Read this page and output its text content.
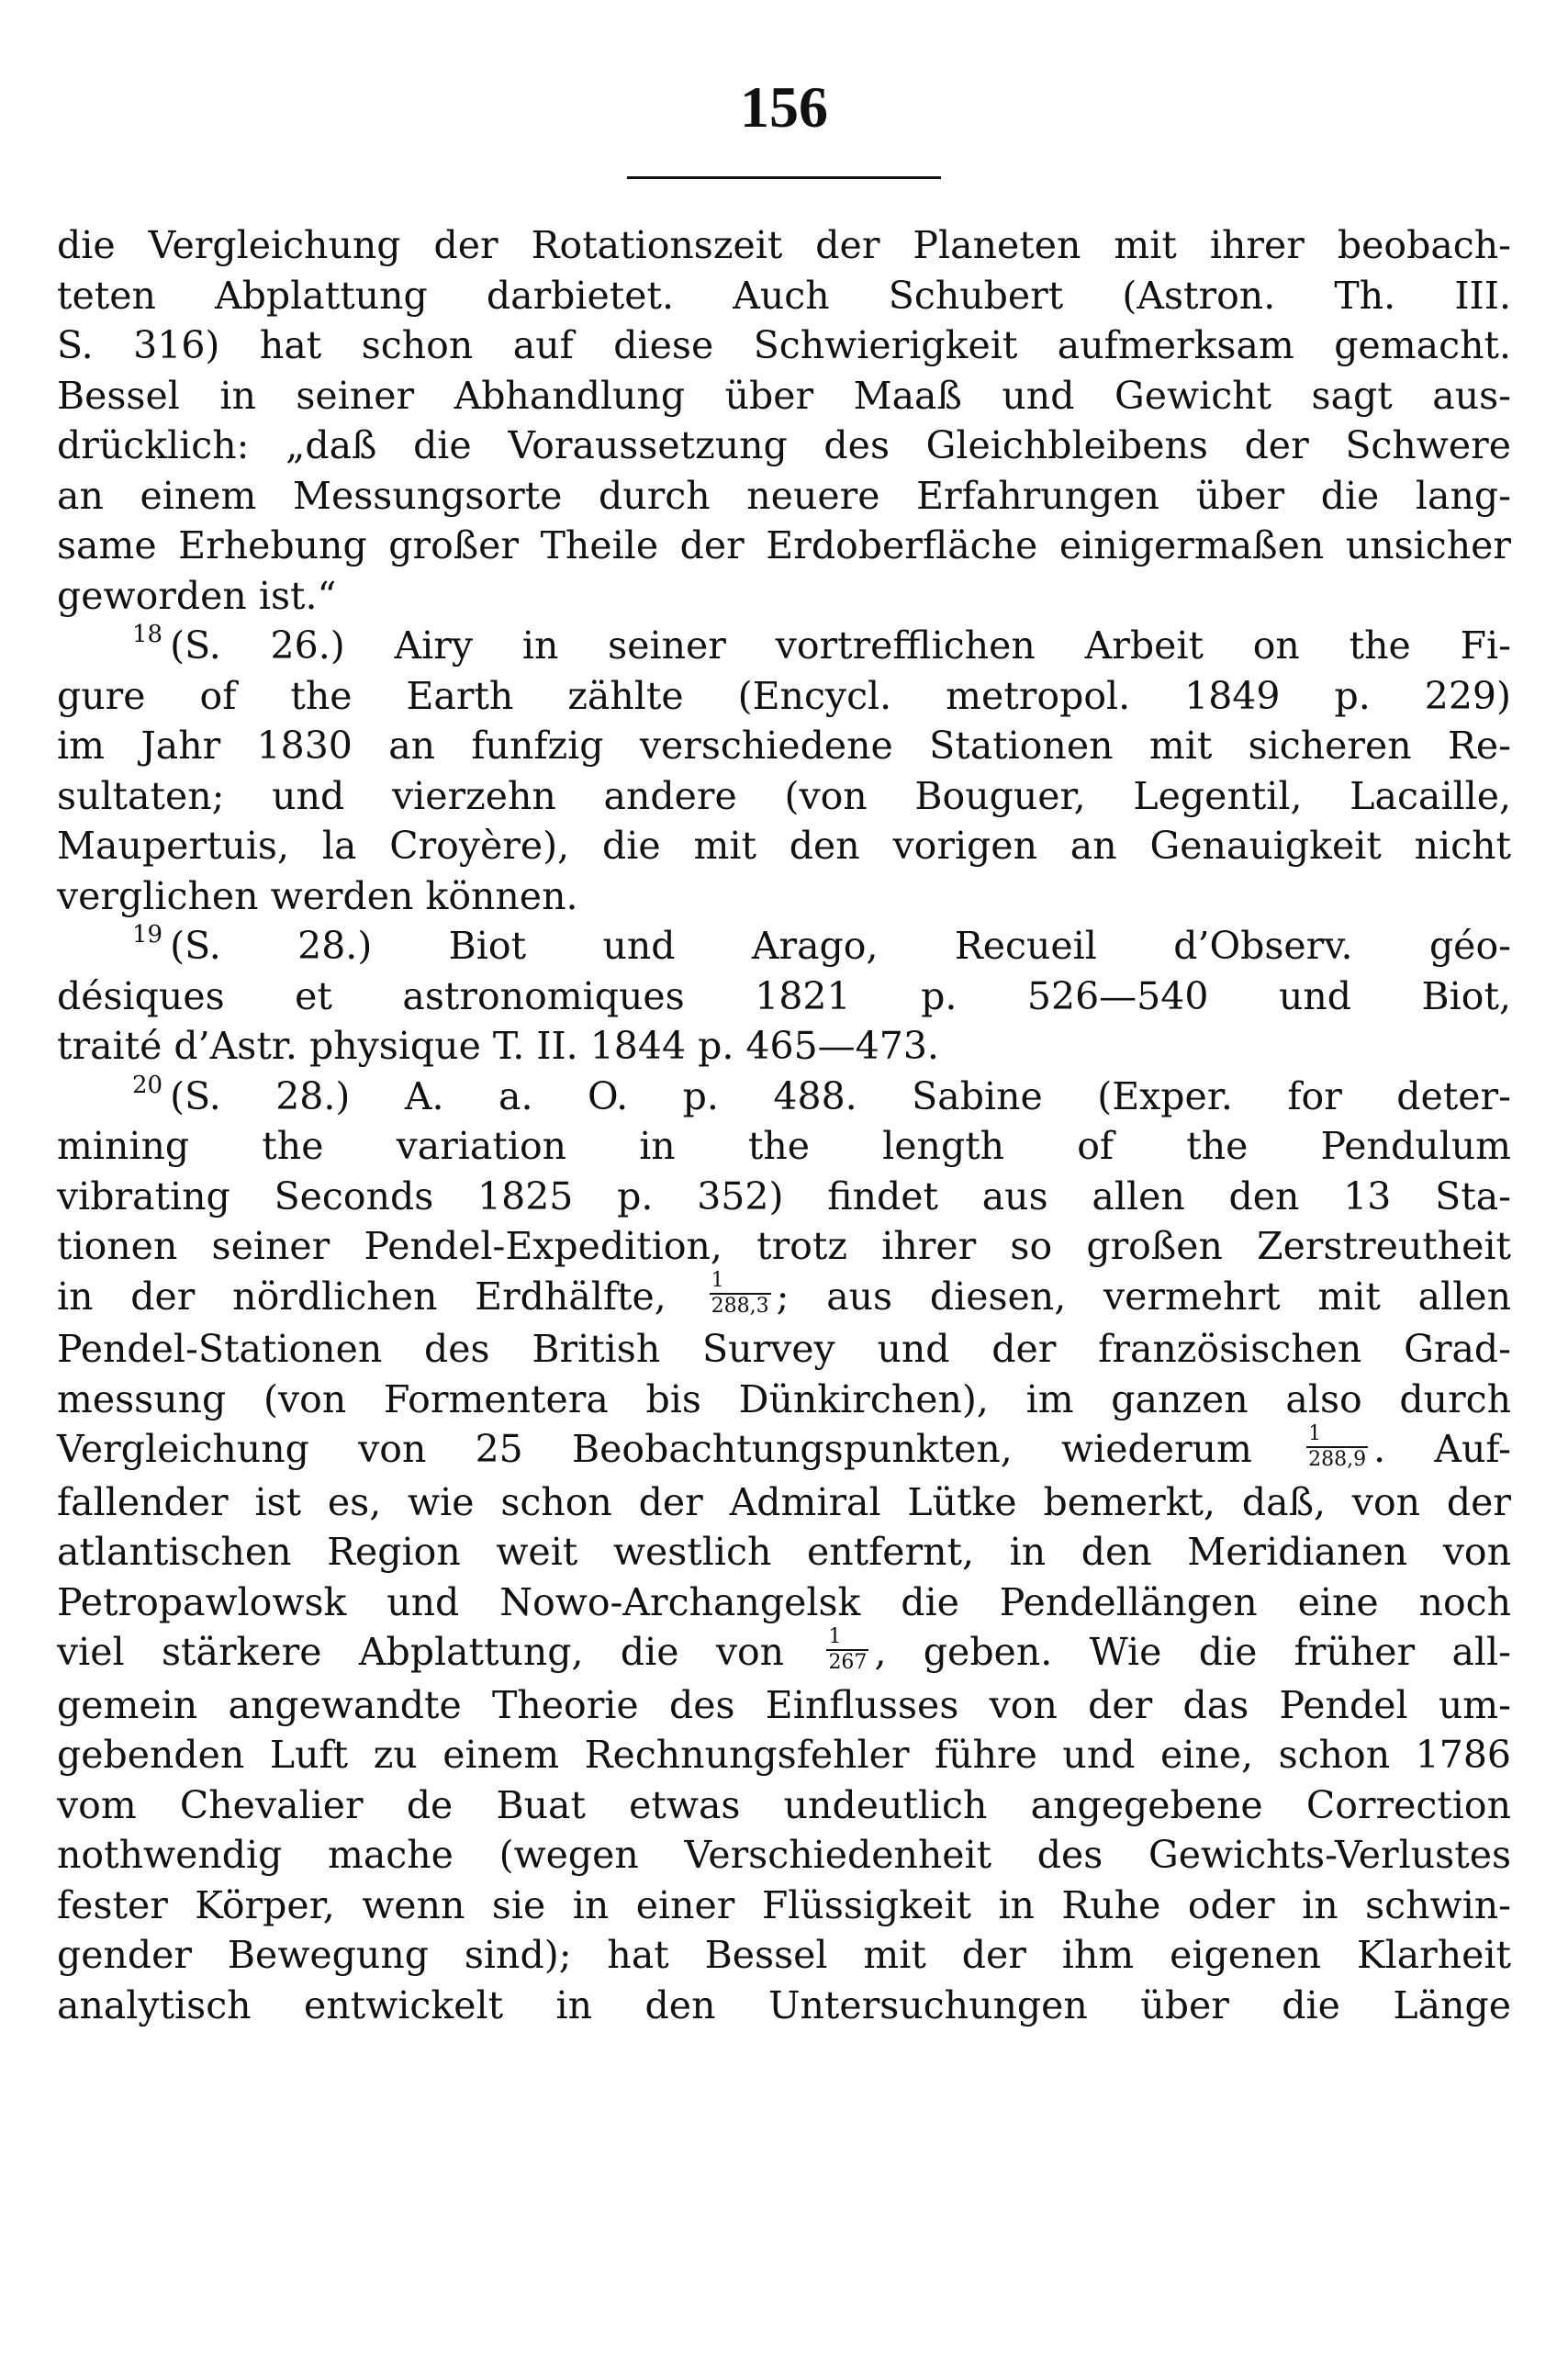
156
die Vergleichung der Rotationszeit der Planeten mit ihrer beobach-
teten Abplattung darbietet. Auch Schubert (Astron. Th. III.
S. 316) hat schon auf diese Schwierigkeit aufmerksam gemacht.
Bessel in seiner Abhandlung über Maaß und Gewicht sagt aus-
drücklich: „daß die Voraussetzung des Gleichbleibens der Schwere
an einem Messungsorte durch neuere Erfahrungen über die lang-
same Erhebung großer Theile der Erdoberfläche einigermaßen unsicher
geworden ist.“
$^{18}$ (S. 26.) Airy in seiner vortrefflichen Arbeit on the Fi-
gure of the Earth zählte (Encycl. metropol. 1849 p. 229)
im Jahr 1830 an funfzig verschiedene Stationen mit sicheren Re-
sultaten; und vierzehn andere (von Bouguer, Legentil, Lacaille,
Maupertuis, la Croyère), die mit den vorigen an Genauigkeit nicht
verglichen werden können.
$^{19}$ (S. 28.) Biot und Arago, Recueil d’Observ. géo-
désiques et astronomiques 1821 p. 526—540 und Biot,
traité d’Astr. physique T. II. 1844 p. 465—473.
$^{20}$ (S. 28.) A. a. O. p. 488. Sabine (Exper. for deter-
mining the variation in the length of the Pendulum
vibrating Seconds 1825 p. 352) findet aus allen den 13 Sta-
tionen seiner Pendel-Expedition, trotz ihrer so großen Zerstreutheit
in der nördlichen Erdhälfte, $\frac{1}{288,3}$ ; aus diesen, vermehrt mit allen
Pendel-Stationen des British Survey und der französischen Grad-
messung (von Formentera bis Dünkirchen), im ganzen also durch
Vergleichung von 25 Beobachtungspunkten, wiederum	$\frac{1}{288,9}$ . Auf-
fallender ist es, wie schon der Admiral Lütke bemerkt, daß, von der
atlantischen Region weit westlich entfernt, in den Meridianen von
Petropawlowsk und Nowo-Archangelsk die Pendellängen eine noch
viel stärkere Abplattung, die von $\frac{1}{267}$ , geben. Wie die früher all-
gemein angewandte Theorie des Einflusses von der das Pendel um-
gebenden Luft zu einem Rechnungsfehler führe und eine, schon 1786
vom Chevalier de Buat etwas undeutlich angegebene Correction
nothwendig mache (wegen Verschiedenheit des Gewichts-Verlustes
fester Körper, wenn sie in einer Flüssigkeit in Ruhe oder in schwin-
gender Bewegung sind); hat Bessel mit der ihm eigenen Klarheit
analytisch entwickelt in den Untersuchungen über die Länge
